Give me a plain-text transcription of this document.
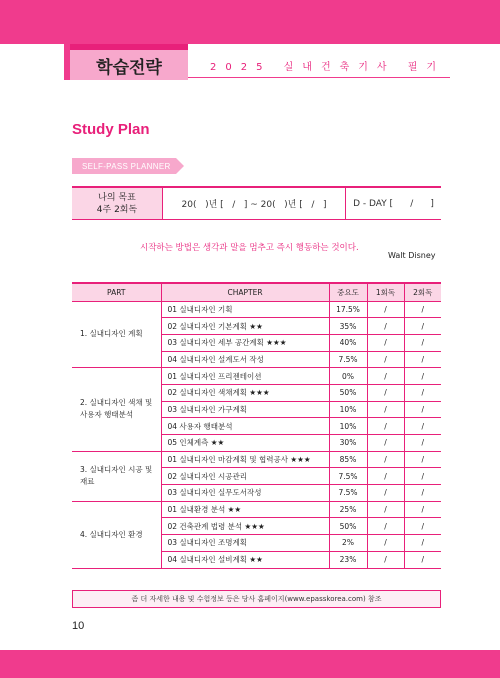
학습전략	2025 실내건축기사 필기
Study Plan
SELF-PASS PLANNER
나의 목표
4주 2회독	20(   )년 [   /   ] ~ 20(   )년 [   /   ]	D - DAY [      /      ]
시작하는 방법은 생각과 말을 멈추고 즉시 행동하는 것이다.
Walt Disney
PART	CHAPTER	중요도	1회독	2회독
1. 실내디자인 계획	01 실내디자인 기획	17.5%	/	/
	02 실내디자인 기본계획 ★★	35%	/	/
	03 실내디자인 세부 공간계획 ★★★	40%	/	/
	04 실내디자인 설계도서 작성	7.5%	/	/
2. 실내디자인 색채 및 사용자 행태분석	01 실내디자인 프리젠테이션	0%	/	/
	02 실내디자인 색채계획 ★★★	50%	/	/
	03 실내디자인 가구계획	10%	/	/
	04 사용자 행태분석	10%	/	/
	05 인체계측 ★★	30%	/	/
3. 실내디자인 시공 및 재료	01 실내디자인 마감계획 및 협력공사 ★★★	85%	/	/
	02 실내디자인 시공관리	7.5%	/	/
	03 실내디자인 실무도서작성	7.5%	/	/
4. 실내디자인 환경	01 실내환경 분석 ★★	25%	/	/
	02 건축관계 법령 분석 ★★★	50%	/	/
	03 실내디자인 조명계획	2%	/	/
	04 실내디자인 설비계획 ★★	23%	/	/
좀 더 자세한 내용 및 수험정보 등은 당사 홈페이지(www.epasskorea.com) 참조
10
